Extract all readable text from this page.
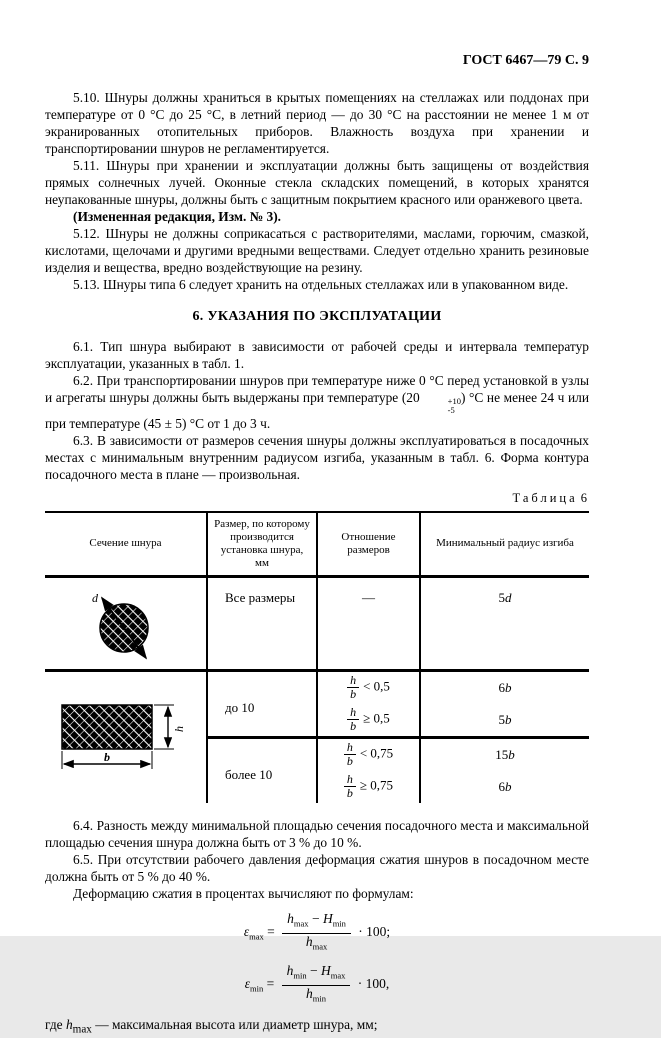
ГОСТ 6467—79 С. 9

5.10. Шнуры должны храниться в крытых помещениях на стеллажах или поддонах при температуре от 0 °С до 25 °С, в летний период — до 30 °С на расстоянии не менее 1 м от экранированных отопительных приборов. Влажность воздуха при хранении и транспортировании шнуров не регламентируется.

5.11. Шнуры при хранении и эксплуатации должны быть защищены от воздействия прямых солнечных лучей. Оконные стекла складских помещений, в которых хранятся неупакованные шнуры, должны быть с защитным покрытием красного или оранжевого цвета.

(Измененная редакция, Изм. № 3).

5.12. Шнуры не должны соприкасаться с растворителями, маслами, горючим, смазкой, кислотами, щелочами и другими вредными веществами. Следует отдельно хранить резиновые изделия и вещества, вредно воздействующие на резину.

5.13. Шнуры типа 6 следует хранить на отдельных стеллажах или в упакованном виде.

6. УКАЗАНИЯ ПО ЭКСПЛУАТАЦИИ

6.1. Тип шнура выбирают в зависимости от рабочей среды и интервала температур эксплуатации, указанных в табл. 1.

6.2. При транспортировании шнуров при температуре ниже 0 °С перед установкой в узлы и агрегаты шнуры должны быть выдержаны при температуре (20	+10
-5
) °С не менее 24 ч или при температуре (45 ± 5) °С от 1 до 3 ч.

6.3. В зависимости от размеров сечения шнуры должны эксплуатироваться в посадочных местах с минимальным внутренним радиусом изгиба, указанным в табл. 6. Форма контура посадочного места в плане — произвольная.

Таблица 6
Сечение шнура	Размер, по которому производится установка шнура, мм	Отношение размеров	Минимальный радиус изгиба

d	Все размеры	—	5d

h
b	до 10	$\frac{h}{b} < 0,5$	6b

		$\frac{h}{b} \ge 0,5$	5b
	более 10	$\frac{h}{b} < 0,75$	15b

		$\frac{h}{b} \ge 0,75$	6b

6.4. Разность между минимальной площадью сечения посадочного места и максимальной площадью сечения шнура должна быть от 3 % до 10 %.

6.5. При отсутствии рабочего давления деформация сжатия шнуров в посадочном месте должна быть от 5 % до 40 %.

Деформацию сжатия в процентах вычисляют по формулам:

$\varepsilon_{max}$ =
$h_{max} - H_{min}$
$h_{max}$
· 100;
$\varepsilon_{min}$ =
$h_{min} - H_{max}$
$h_{min}$
· 100,

где $h_{max}$ — максимальная высота или диаметр шнура, мм;
